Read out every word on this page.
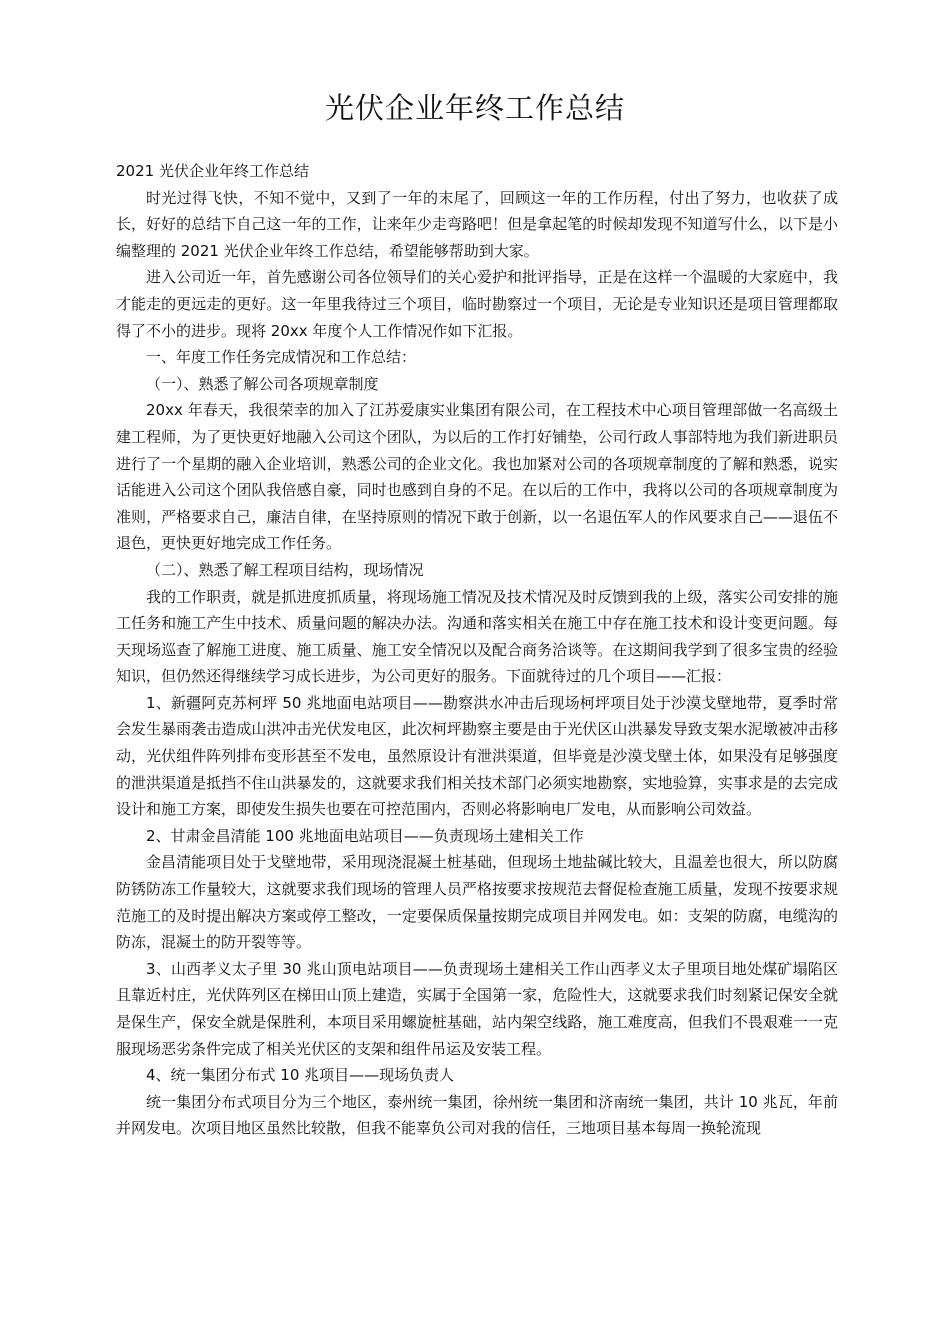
光伏企业年终工作总结

2021 光伏企业年终工作总结

时光过得飞快，不知不觉中，又到了一年的末尾了，回顾这一年的工作历程，付出了努力，也收获了成长，好好的总结下自己这一年的工作，让来年少走弯路吧！但是拿起笔的时候却发现不知道写什么，以下是小编整理的 2021 光伏企业年终工作总结，希望能够帮助到大家。

进入公司近一年，首先感谢公司各位领导们的关心爱护和批评指导，正是在这样一个温暖的大家庭中，我才能走的更远走的更好。这一年里我待过三个项目，临时勘察过一个项目，无论是专业知识还是项目管理都取得了不小的进步。现将 20xx 年度个人工作情况作如下汇报。

一、年度工作任务完成情况和工作总结：

（一）、熟悉了解公司各项规章制度

20xx 年春天，我很荣幸的加入了江苏爱康实业集团有限公司，在工程技术中心项目管理部做一名高级土建工程师，为了更快更好地融入公司这个团队，为以后的工作打好铺垫，公司行政人事部特地为我们新进职员进行了一个星期的融入企业培训，熟悉公司的企业文化。我也加紧对公司的各项规章制度的了解和熟悉，说实话能进入公司这个团队我倍感自豪，同时也感到自身的不足。在以后的工作中，我将以公司的各项规章制度为准则，严格要求自己，廉洁自律，在坚持原则的情况下敢于创新，以一名退伍军人的作风要求自己——退伍不退色，更快更好地完成工作任务。

（二）、熟悉了解工程项目结构，现场情况

我的工作职责，就是抓进度抓质量，将现场施工情况及技术情况及时反馈到我的上级，落实公司安排的施工任务和施工产生中技术、质量问题的解决办法。沟通和落实相关在施工中存在施工技术和设计变更问题。每天现场巡查了解施工进度、施工质量、施工安全情况以及配合商务洽谈等。在这期间我学到了很多宝贵的经验知识，但仍然还得继续学习成长进步，为公司更好的服务。下面就待过的几个项目——汇报：

1、新疆阿克苏柯坪 50 兆地面电站项目——勘察洪水冲击后现场柯坪项目处于沙漠戈壁地带，夏季时常会发生暴雨袭击造成山洪冲击光伏发电区，此次柯坪勘察主要是由于光伏区山洪暴发导致支架水泥墩被冲击移动，光伏组件阵列排布变形甚至不发电，虽然原设计有泄洪渠道，但毕竟是沙漠戈壁土体，如果没有足够强度的泄洪渠道是抵挡不住山洪暴发的，这就要求我们相关技术部门必须实地勘察，实地验算，实事求是的去完成设计和施工方案，即使发生损失也要在可控范围内，否则必将影响电厂发电，从而影响公司效益。

2、甘肃金昌清能 100 兆地面电站项目——负责现场土建相关工作

金昌清能项目处于戈壁地带，采用现浇混凝土桩基础，但现场土地盐碱比较大，且温差也很大，所以防腐防锈防冻工作量较大，这就要求我们现场的管理人员严格按要求按规范去督促检查施工质量，发现不按要求规范施工的及时提出解决方案或停工整改，一定要保质保量按期完成项目并网发电。如：支架的防腐，电缆沟的防冻，混凝土的防开裂等等。

3、山西孝义太子里 30 兆山顶电站项目——负责现场土建相关工作山西孝义太子里项目地处煤矿塌陷区且靠近村庄，光伏阵列区在梯田山顶上建造，实属于全国第一家，危险性大，这就要求我们时刻紧记保安全就是保生产，保安全就是保胜利，本项目采用螺旋桩基础，站内架空线路，施工难度高，但我们不畏艰难一一克服现场恶劣条件完成了相关光伏区的支架和组件吊运及安装工程。

4、统一集团分布式 10 兆项目——现场负责人

统一集团分布式项目分为三个地区，泰州统一集团，徐州统一集团和济南统一集团，共计 10 兆瓦，年前并网发电。次项目地区虽然比较散，但我不能辜负公司对我的信任，三地项目基本每周一换轮流现
